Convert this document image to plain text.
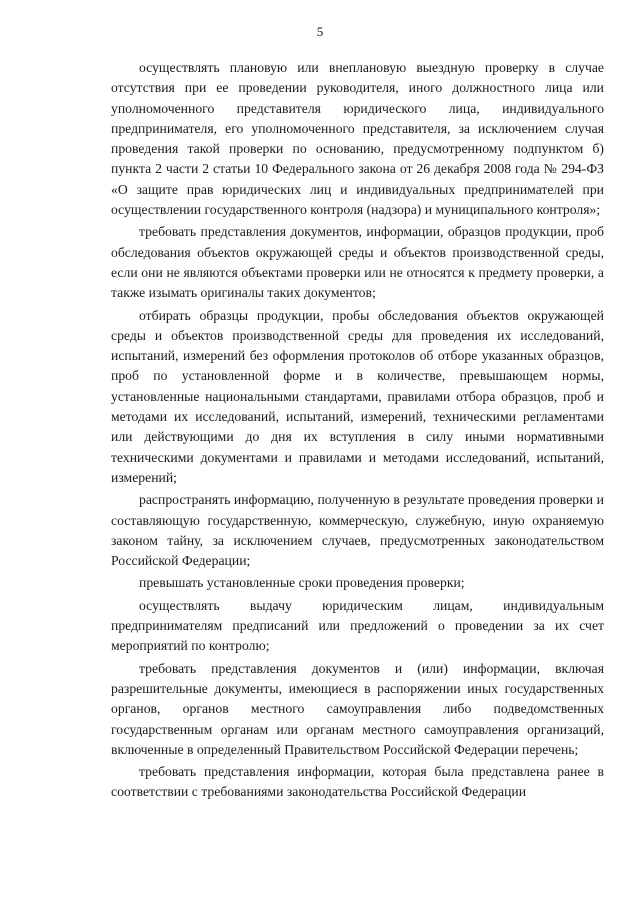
5

осуществлять плановую или внеплановую выездную проверку в случае отсутствия при ее проведении руководителя, иного должностного лица или уполномоченного представителя юридического лица, индивидуального предпринимателя, его уполномоченного представителя, за исключением случая проведения такой проверки по основанию, предусмотренному подпунктом б) пункта 2 части 2 статьи 10 Федерального закона от 26 декабря 2008 года № 294-ФЗ «О защите прав юридических лиц и индивидуальных предпринимателей при осуществлении государственного контроля (надзора) и муниципального контроля»;

требовать представления документов, информации, образцов продукции, проб обследования объектов окружающей среды и объектов производственной среды, если они не являются объектами проверки или не относятся к предмету проверки, а также изымать оригиналы таких документов;

отбирать образцы продукции, пробы обследования объектов окружающей среды и объектов производственной среды для проведения их исследований, испытаний, измерений без оформления протоколов об отборе указанных образцов, проб по установленной форме и в количестве, превышающем нормы, установленные национальными стандартами, правилами отбора образцов, проб и методами их исследований, испытаний, измерений, техническими регламентами или действующими до дня их вступления в силу иными нормативными техническими документами и правилами и методами исследований, испытаний, измерений;

распространять информацию, полученную в результате проведения проверки и составляющую государственную, коммерческую, служебную, иную охраняемую законом тайну, за исключением случаев, предусмотренных законодательством Российской Федерации;

превышать установленные сроки проведения проверки;

осуществлять выдачу юридическим лицам, индивидуальным предпринимателям предписаний или предложений о проведении за их счет мероприятий по контролю;

требовать представления документов и (или) информации, включая разрешительные документы, имеющиеся в распоряжении иных государственных органов, органов местного самоуправления либо подведомственных государственным органам или органам местного самоуправления организаций, включенные в определенный Правительством Российской Федерации перечень;

требовать представления информации, которая была представлена ранее в соответствии с требованиями законодательства Российской Федерации
